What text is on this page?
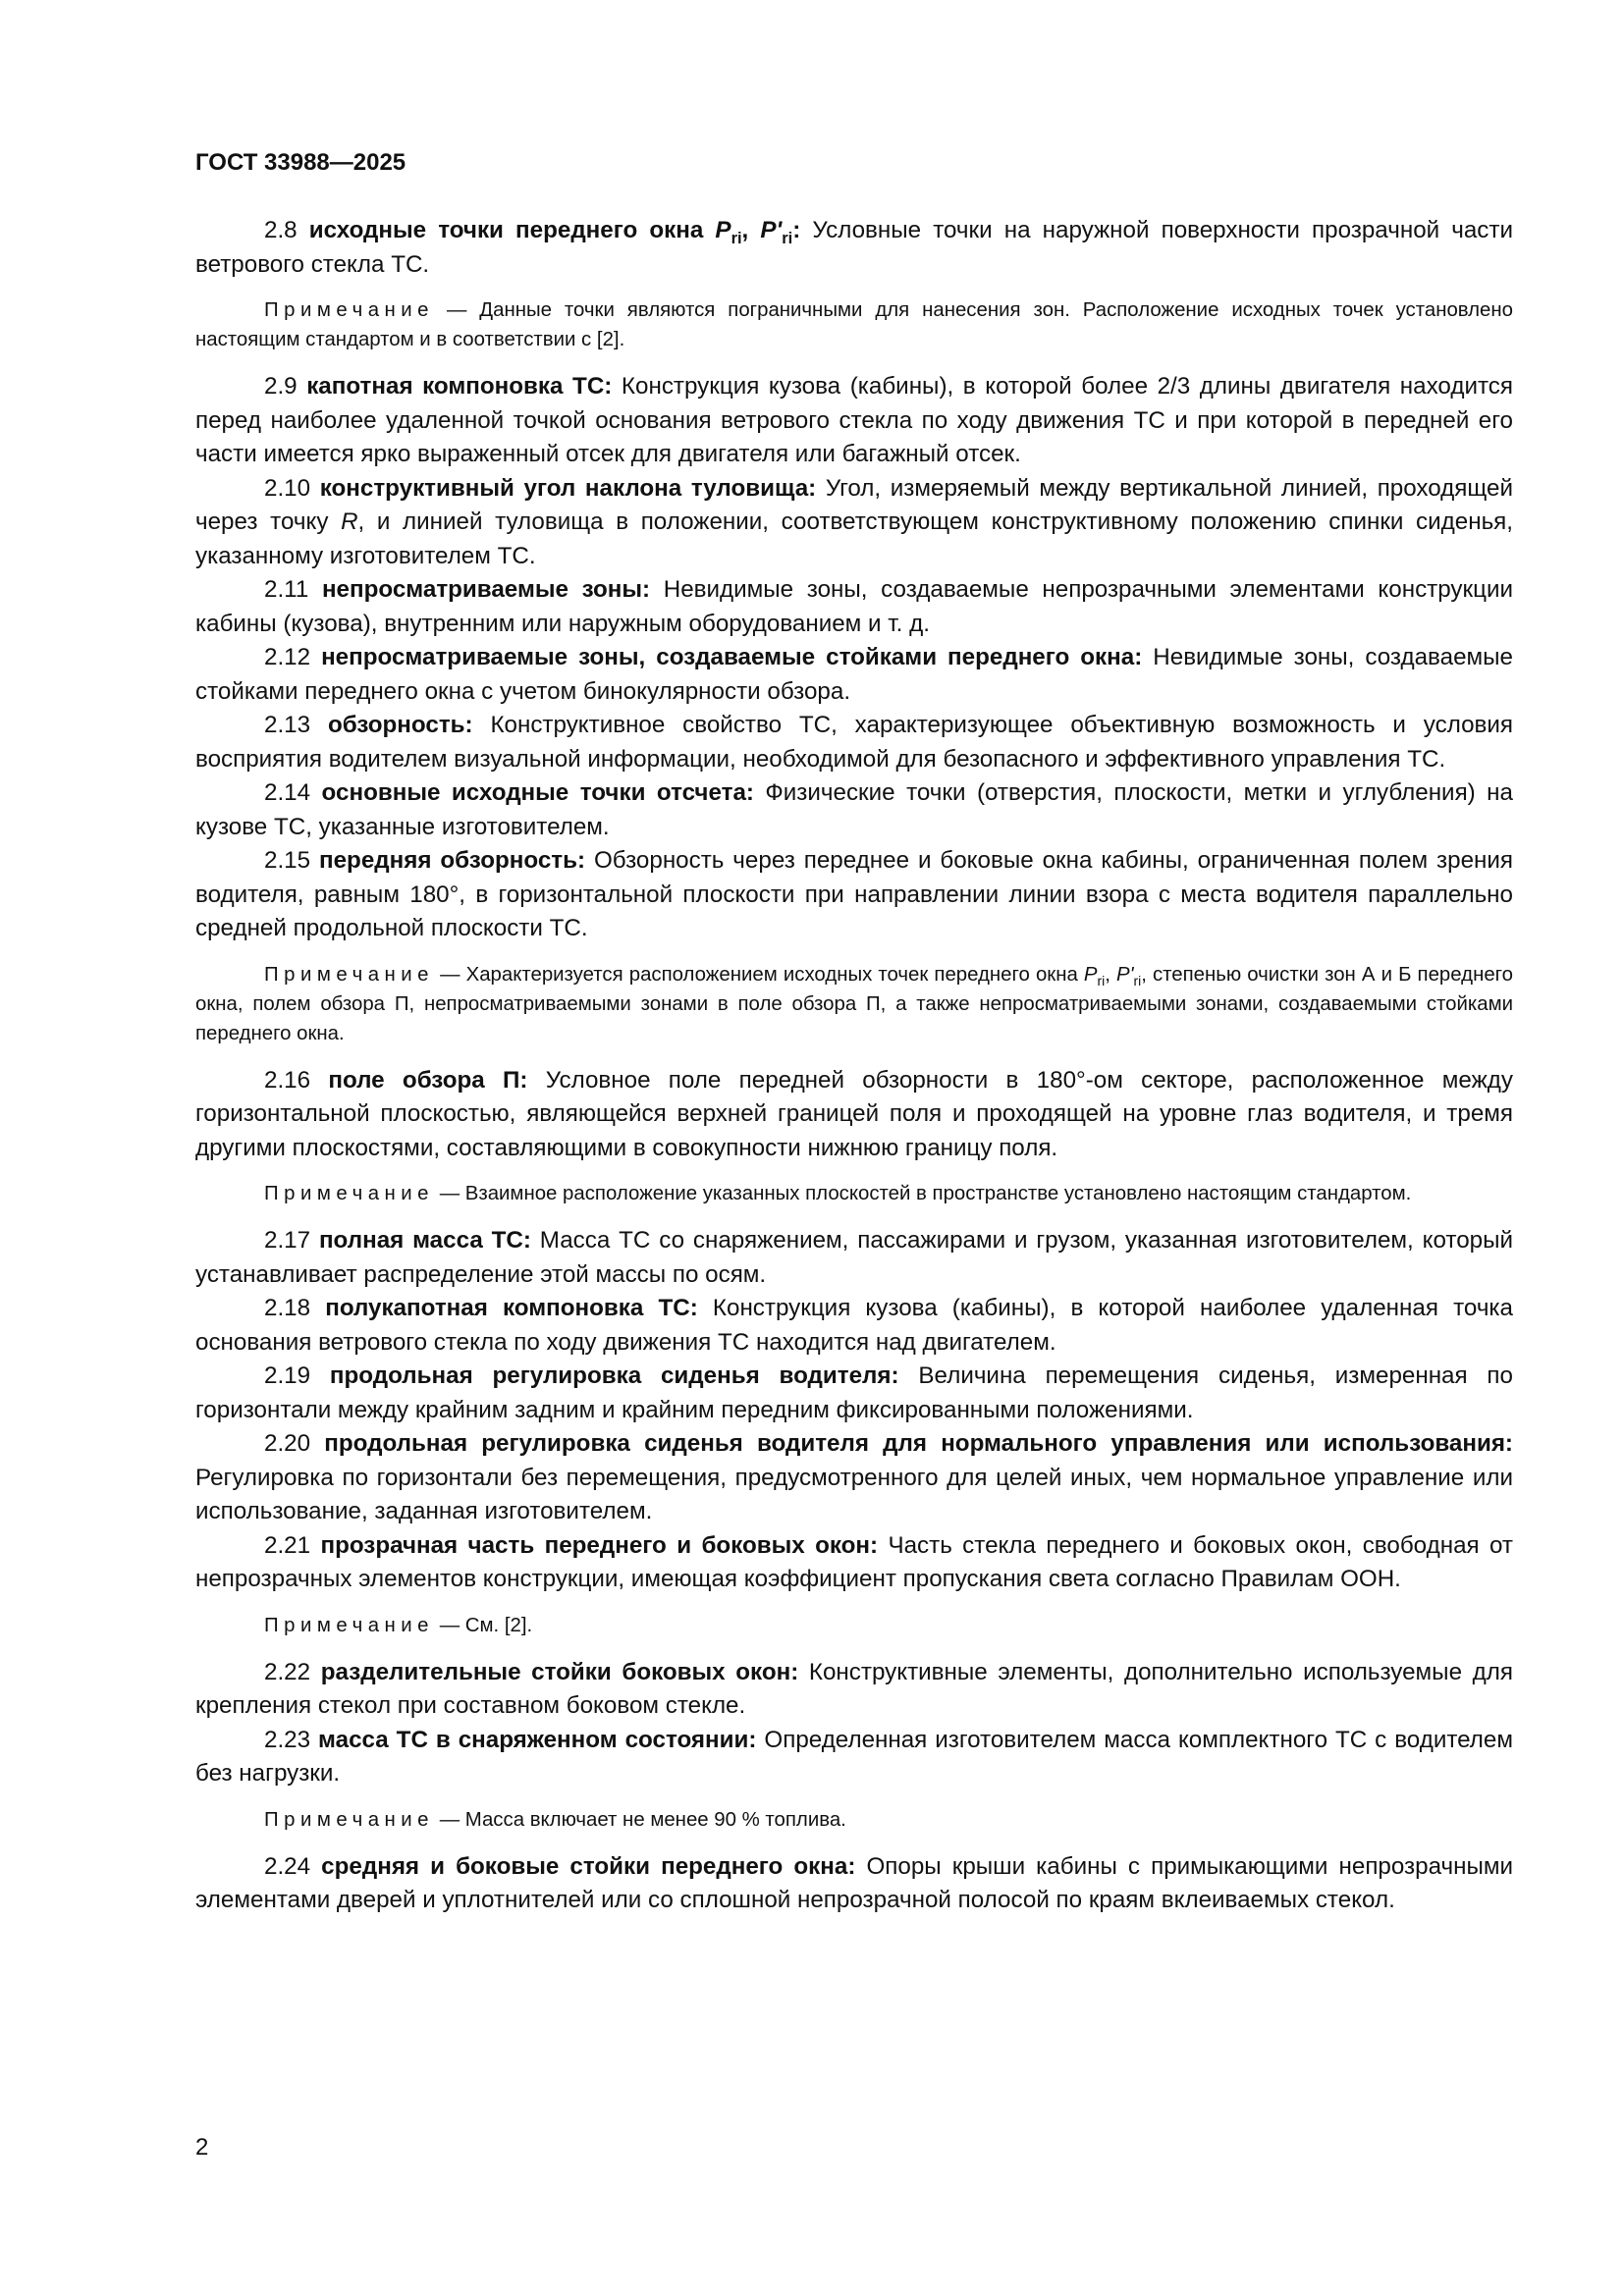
ГОСТ 33988—2025

2.8 исходные точки переднего окна $P_{ri}$, $P'_{ri}$: Условные точки на наружной поверхности прозрачной части ветрового стекла ТС.

Примечание — Данные точки являются пограничными для нанесения зон. Расположение исходных точек установлено настоящим стандартом и в соответствии с [2].

2.9 капотная компоновка ТС: Конструкция кузова (кабины), в которой более 2/3 длины двигателя находится перед наиболее удаленной точкой основания ветрового стекла по ходу движения ТС и при которой в передней его части имеется ярко выраженный отсек для двигателя или багажный отсек.

2.10 конструктивный угол наклона туловища: Угол, измеряемый между вертикальной линией, проходящей через точку R, и линией туловища в положении, соответствующем конструктивному положению спинки сиденья, указанному изготовителем ТС.

2.11 непросматриваемые зоны: Невидимые зоны, создаваемые непрозрачными элементами конструкции кабины (кузова), внутренним или наружным оборудованием и т. д.

2.12 непросматриваемые зоны, создаваемые стойками переднего окна: Невидимые зоны, создаваемые стойками переднего окна с учетом бинокулярности обзора.

2.13 обзорность: Конструктивное свойство ТС, характеризующее объективную возможность и условия восприятия водителем визуальной информации, необходимой для безопасного и эффективного управления ТС.

2.14 основные исходные точки отсчета: Физические точки (отверстия, плоскости, метки и углубления) на кузове ТС, указанные изготовителем.

2.15 передняя обзорность: Обзорность через переднее и боковые окна кабины, ограниченная полем зрения водителя, равным 180°, в горизонтальной плоскости при направлении линии взора с места водителя параллельно средней продольной плоскости ТС.

Примечание — Характеризуется расположением исходных точек переднего окна $P_{ri}$, $P'_{ri}$, степенью очистки зон А и Б переднего окна, полем обзора П, непросматриваемыми зонами в поле обзора П, а также непросматриваемыми зонами, создаваемыми стойками переднего окна.

2.16 поле обзора П: Условное поле передней обзорности в 180°-ом секторе, расположенное между горизонтальной плоскостью, являющейся верхней границей поля и проходящей на уровне глаз водителя, и тремя другими плоскостями, составляющими в совокупности нижнюю границу поля.

Примечание — Взаимное расположение указанных плоскостей в пространстве установлено настоящим стандартом.

2.17 полная масса ТС: Масса ТС со снаряжением, пассажирами и грузом, указанная изготовителем, который устанавливает распределение этой массы по осям.

2.18 полукапотная компоновка ТС: Конструкция кузова (кабины), в которой наиболее удаленная точка основания ветрового стекла по ходу движения ТС находится над двигателем.

2.19 продольная регулировка сиденья водителя: Величина перемещения сиденья, измеренная по горизонтали между крайним задним и крайним передним фиксированными положениями.

2.20 продольная регулировка сиденья водителя для нормального управления или использования: Регулировка по горизонтали без перемещения, предусмотренного для целей иных, чем нормальное управление или использование, заданная изготовителем.

2.21 прозрачная часть переднего и боковых окон: Часть стекла переднего и боковых окон, свободная от непрозрачных элементов конструкции, имеющая коэффициент пропускания света согласно Правилам ООН.

Примечание — См. [2].

2.22 разделительные стойки боковых окон: Конструктивные элементы, дополнительно используемые для крепления стекол при составном боковом стекле.

2.23 масса ТС в снаряженном состоянии: Определенная изготовителем масса комплектного ТС с водителем без нагрузки.

Примечание — Масса включает не менее 90 % топлива.

2.24 средняя и боковые стойки переднего окна: Опоры крыши кабины с примыкающими непрозрачными элементами дверей и уплотнителей или со сплошной непрозрачной полосой по краям вклеиваемых стекол.

2
